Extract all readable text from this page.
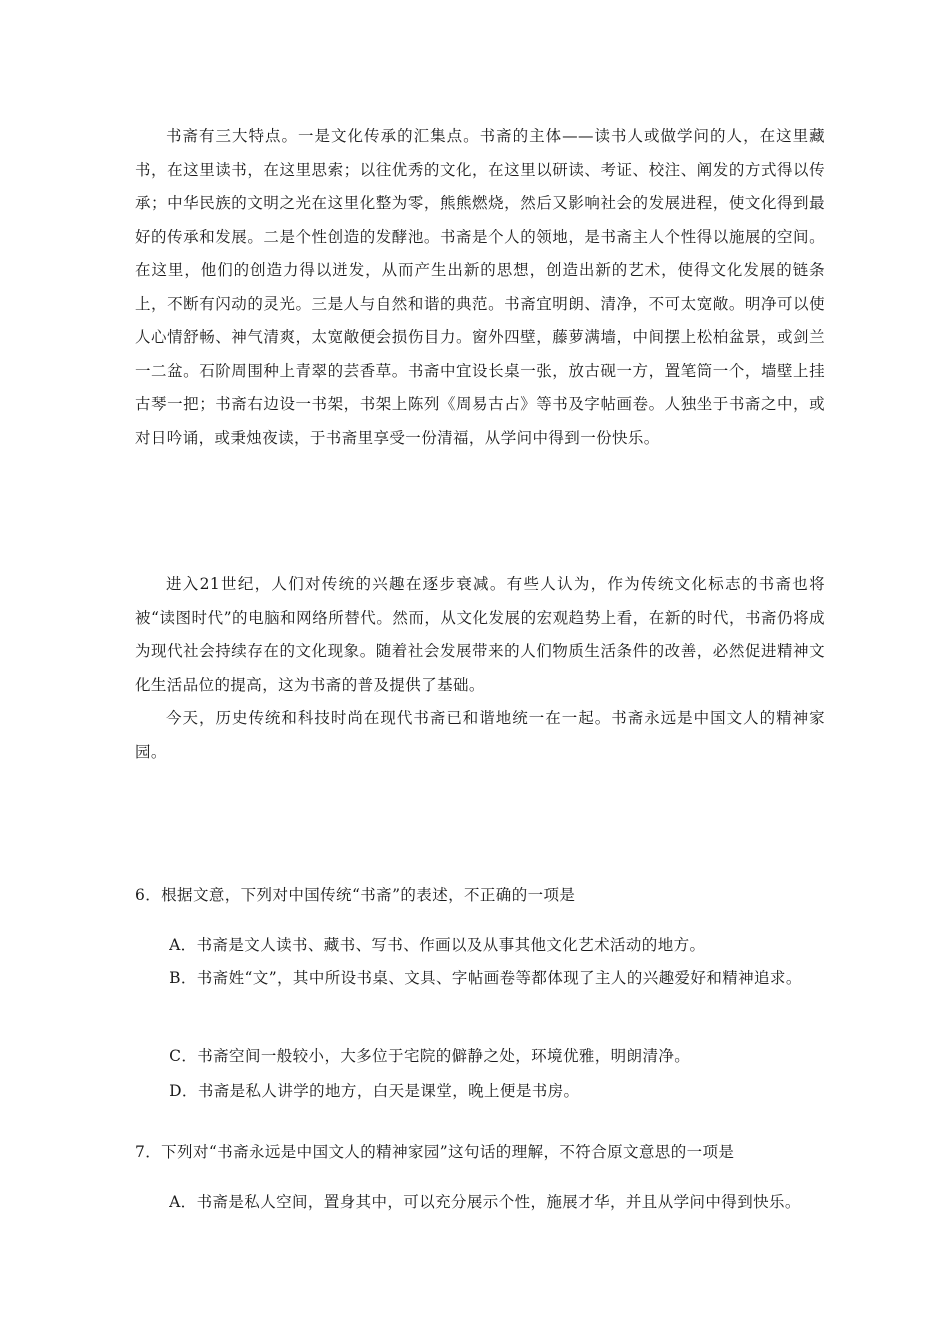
书斋有三大特点。一是文化传承的汇集点。书斋的主体——读书人或做学问的人，在这里藏书，在这里读书，在这里思索；以往优秀的文化，在这里以研读、考证、校注、阐发的方式得以传承；中华民族的文明之光在这里化整为零，熊熊燃烧，然后又影响社会的发展进程，使文化得到最好的传承和发展。二是个性创造的发酵池。书斋是个人的领地，是书斋主人个性得以施展的空间。在这里，他们的创造力得以迸发，从而产生出新的思想，创造出新的艺术，使得文化发展的链条上，不断有闪动的灵光。三是人与自然和谐的典范。书斋宜明朗、清净，不可太宽敞。明净可以使人心情舒畅、神气清爽，太宽敞便会损伤目力。窗外四壁，藤萝满墙，中间摆上松柏盆景，或剑兰一二盆。石阶周围种上青翠的芸香草。书斋中宜设长桌一张，放古砚一方，置笔筒一个，墙壁上挂古琴一把；书斋右边设一书架，书架上陈列《周易古占》等书及字帖画卷。人独坐于书斋之中，或对日吟诵，或秉烛夜读，于书斋里享受一份清福，从学问中得到一份快乐。

进入21世纪，人们对传统的兴趣在逐步衰减。有些人认为，作为传统文化标志的书斋也将被“读图时代”的电脑和网络所替代。然而，从文化发展的宏观趋势上看，在新的时代，书斋仍将成为现代社会持续存在的文化现象。随着社会发展带来的人们物质生活条件的改善，必然促进精神文化生活品位的提高，这为书斋的普及提供了基础。

今天，历史传统和科技时尚在现代书斋已和谐地统一在一起。书斋永远是中国文人的精神家园。

6．根据文意，下列对中国传统“书斋”的表述，不正确的一项是

A．书斋是文人读书、藏书、写书、作画以及从事其他文化艺术活动的地方。

B．书斋姓“文”，其中所设书桌、文具、字帖画卷等都体现了主人的兴趣爱好和精神追求。

C．书斋空间一般较小，大多位于宅院的僻静之处，环境优雅，明朗清净。

D．书斋是私人讲学的地方，白天是课堂，晚上便是书房。

7．下列对“书斋永远是中国文人的精神家园”这句话的理解，不符合原文意思的一项是

A．书斋是私人空间，置身其中，可以充分展示个性，施展才华，并且从学问中得到快乐。
